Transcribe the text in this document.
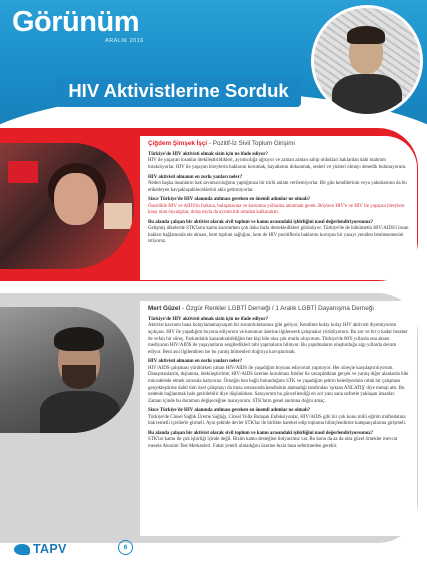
Görünüm
ARALIK 2016
HIV Aktivistlerine Sorduk
Çiğdem Şimşek İşçi - Pozitif-İz Sivil Toplum Girişimi
Türkiye'de HIV aktivisti olmak sizin için ne ifade ediyor?
HIV ile yaşayan insanlar ötekileştirildikleri, ayrımcılığa uğruyor ve zaman zaman sahip oldukları haklardan dahi mahrum bırakılıyorlar. HIV ile yaşayan bireylerin haklarını korumak, hayatlarını dokunmak, sesleri ve yüzleri olmayı denedik bulunuyorum.
HIV aktivisti olmanın en zorlu yanları neler?
Neden başka insanların hak savunuculuğunu yaptığınıza bir türlü anlam verilemiyorlar. Bir gün kendilerinin veya yakınlarının da bu etiketleyen kavşaklaşabileceklerini akla getirmiyorlar.
Sizce Türkiye'de HIV alanında atılması gereken en önemli adımlar ne olmalı?
Öncelikle HIV ve AIDS'in farkına, bulaşmasına ve korunma yollarına anlatmak gerek. Böylece HIV'e ve HIV ile yaşayan bireylere karşı olan önyargılar, dolayısıyla da ayrımcılık ortadan kalkacaktır.
Bu alanda çalışan bir aktivist olarak sivil toplum ve kamu arasındaki işbirliğini nasıl değerlendiriyorsunuz?
Gelişmiş ülkelerde STK'ların kamu kurulurken çok daha fazla destekledikleri görünüyor. Türkiye'de de hükümetin HIV/AIDS'i insan hakları bağlamında ele alması, hem toplum sağlığını, hem de HIV pozitiflerin haklarını koruyan bir yasayı yeniden benimsemesini istiyoruz.
Mert Güzel - Özgür Renkler LGBTİ Derneği / 1 Aralık LGBTİ Dayanışma Derneği
Türkiye'de HIV aktivisti olmak sizin için ne ifade ediyor?
Aktivist kavramı bana kolaylamamaysaşım bir sorumlulukumuz gibi geliyor. Kendime kolay kolay HIV aktivisti diyemiyorum açıkçası. HIV ile yaşadığım boyunu ediyorum ve konunun üzerine ilgilenerek çalışmalar yürütüyorum. Bu zor ve bir o kadar beraber de vefalı bir süreç. Farkındalık kazandırabildiğim her kişi bile olsa çok mutlu oluyorum. Türkiye'de 80'li yıllarda ona aksen mediyanın HIV/AIDS ile yaşayanların sergiledikleri tabi yapmaların bilinyor. Bu yapılmaların oluşturduğu algı yıllarda devam ediyor. Beni asıl ilgilendiren ise bu yanlış bilinenleri doğruya kavuşturmak.
HIV aktivisti olmanın en zorlu yanları neler?
HIV/AIDS çalışması yürütürken yaban HIV/AIDS ile yaşadığım boyunu ediyorum yapmıyor. Her süreçte karşılaştırılıyorum. Danışmanlarım, dışlanma, ötekileştirilme, HIV/AIDS üzerine kurulması fobiler ile savaşıldıktan gerçek ve yanlış diğer alanlarda bile mücadelede etmek zorunda kalıyoruz. Örneğin ben bağlı bulunduğum STK ve yaşadığım şehrin belediyesinin ortak bir çalışması gerçekleştirme dahil tüm özel çalışmayı da imza sonrasında kendisinin atamadığı tarafından 'ışıktan ANLATIŞ' diye mesajı attı. Bu nedenle bağlanmak hale getirilebilir diye düşünürken. Sanıyorum bu güncellendiği en zor yanı sana nefretle yaklaşan insanlar. Zaman içinde bu durumun değişeceğine inanıyorum. STK'ların genel anımına doğru amaç.
Sizce Türkiye'de HIV alanında atılması gereken en önemli adımlar ne olmalı?
Türkiye'de Cinsel Sağlık Üreme Sağlığı, Cinsel Yolla Bulaşan Enfeksiyonlar, HIV/AIDS gibi bir çok konu milli eğitim müfredatına bak temelli içerilerle girmeli. Aynı şekilde devlet STK'lar ile birlikte hareket edip topluma bilinçlendirme kampanyalarına girişmeli.
Bu alanda çalışan bir aktivist olarak sivil toplum ve kamu arasındaki işbirliğini nasıl değerlendiriyorsunuz?
STK'lar kamu ile çok işbirliği içinde değil. Bizim kamu desteğine ihtiyacımız var. Bu konu da az da olsa güzel örnekler mevcut mesela Anonim Test Merkezleri. Fakat yeterli olmadığını üzerine hızla basa seferimeden gerekir.
TAPV	6
